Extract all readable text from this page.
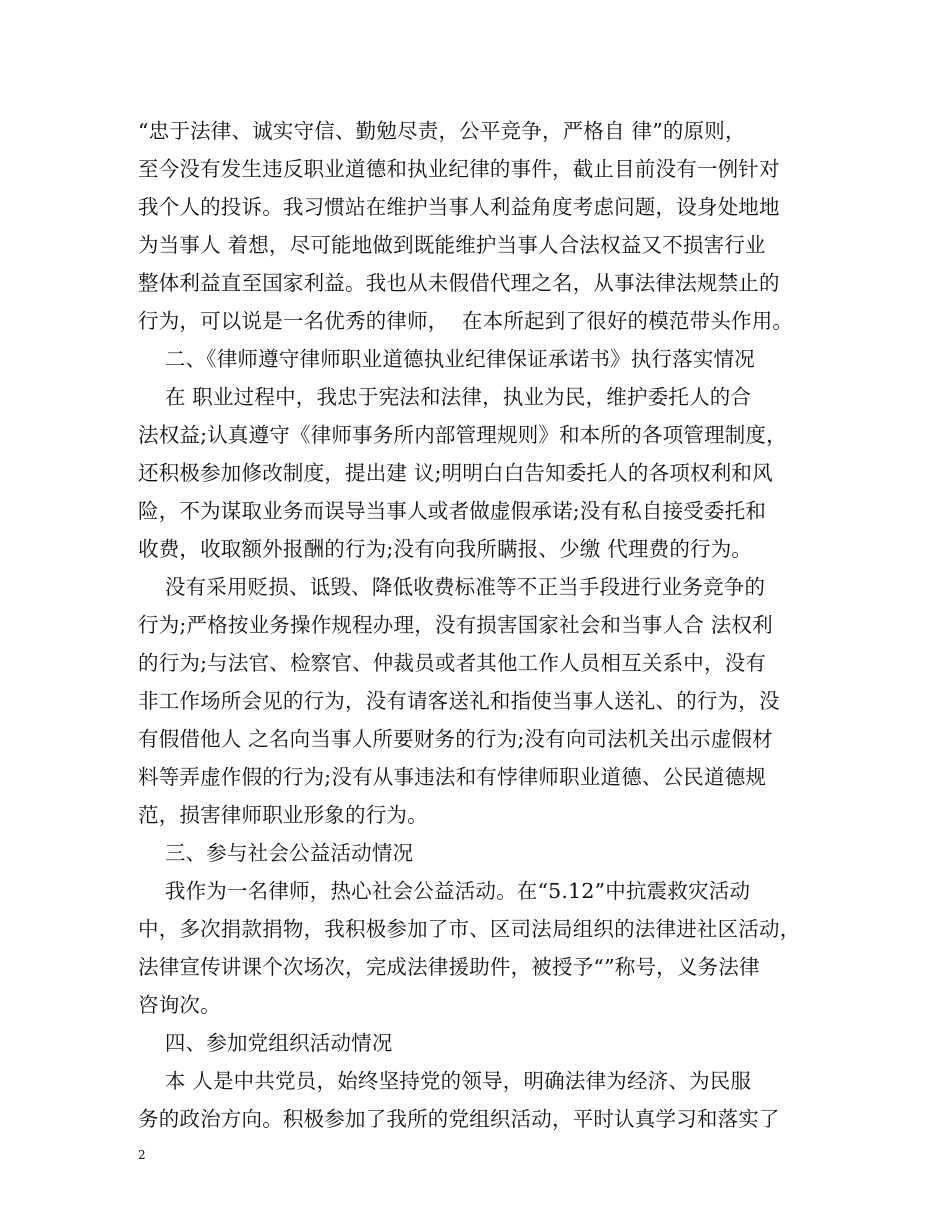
“忠于法律、诚实守信、勤勉尽责，公平竞争，严格自 律”的原则，
至今没有发生违反职业道德和执业纪律的事件，截止目前没有一例针对
我个人的投诉。我习惯站在维护当事人利益角度考虑问题，设身处地地
为当事人 着想，尽可能地做到既能维护当事人合法权益又不损害行业
整体利益直至国家利益。我也从未假借代理之名，从事法律法规禁止的
行为，可以说是一名优秀的律师，  在本所起到了很好的模范带头作用。
二、《律师遵守律师职业道德执业纪律保证承诺书》执行落实情况
在 职业过程中，我忠于宪法和法律，执业为民，维护委托人的合
法权益;认真遵守《律师事务所内部管理规则》和本所的各项管理制度，
还积极参加修改制度，提出建 议;明明白白告知委托人的各项权利和风
险，不为谋取业务而误导当事人或者做虚假承诺;没有私自接受委托和
收费，收取额外报酬的行为;没有向我所瞒报、少缴 代理费的行为。
没有采用贬损、诋毁、降低收费标准等不正当手段进行业务竞争的
行为;严格按业务操作规程办理，没有损害国家社会和当事人合 法权利
的行为;与法官、检察官、仲裁员或者其他工作人员相互关系中，没有
非工作场所会见的行为，没有请客送礼和指使当事人送礼、的行为，没
有假借他人 之名向当事人所要财务的行为;没有向司法机关出示虚假材
料等弄虚作假的行为;没有从事违法和有悖律师职业道德、公民道德规
范，损害律师职业形象的行为。
三、参与社会公益活动情况
我作为一名律师，热心社会公益活动。在“5.12”中抗震救灾活动
中，多次捐款捐物，我积极参加了市、区司法局组织的法律进社区活动，
法律宣传讲课个次场次，完成法律援助件，被授予“”称号，义务法律
咨询次。
四、参加党组织活动情况
本 人是中共党员，始终坚持党的领导，明确法律为经济、为民服
务的政治方向。积极参加了我所的党组织活动，平时认真学习和落实了
2
